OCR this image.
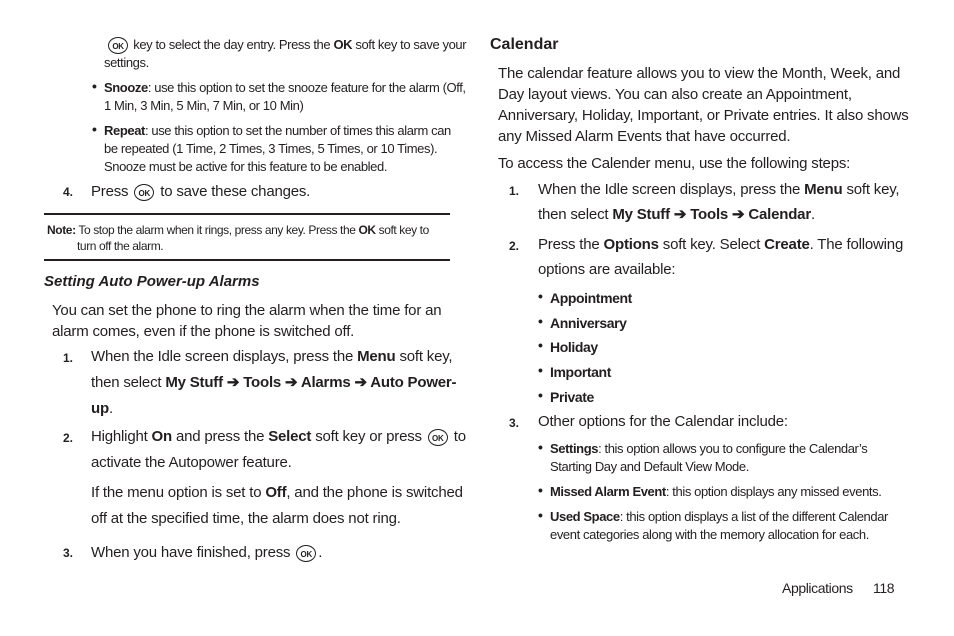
OK key to select the day entry. Press the OK soft key to save your
settings.
• Snooze: use this option to set the snooze feature for the alarm (Off,
1 Min, 3 Min, 5 Min, 7 Min, or 10 Min)
• Repeat: use this option to set the number of times this alarm can
be repeated (1 Time, 2 Times, 3 Times, 5 Times, or 10 Times).
Snooze must be active for this feature to be enabled.
4. Press OK to save these changes.
Note: To stop the alarm when it rings, press any key. Press the OK soft key to
turn off the alarm.
Setting Auto Power-up Alarms
You can set the phone to ring the alarm when the time for an
alarm comes, even if the phone is switched off.
1. When the Idle screen displays, press the Menu soft key,
then select My Stuff ➔ Tools ➔ Alarms ➔ Auto Power-
up.
2. Highlight On and press the Select soft key or press OK to
activate the Autopower feature.
If the menu option is set to Off, and the phone is switched
off at the specified time, the alarm does not ring.
3. When you have finished, press OK .
Calendar
The calendar feature allows you to view the Month, Week, and
Day layout views. You can also create an Appointment,
Anniversary, Holiday, Important, or Private entries. It also shows
any Missed Alarm Events that have occurred.
To access the Calender menu, use the following steps:
1. When the Idle screen displays, press the Menu soft key,
then select My Stuff ➔ Tools ➔ Calendar.
2. Press the Options soft key. Select Create. The following
options are available:
• Appointment
• Anniversary
• Holiday
• Important
• Private
3. Other options for the Calendar include:
• Settings: this option allows you to configure the Calendar’s
Starting Day and Default View Mode.
• Missed Alarm Event: this option displays any missed events.
• Used Space: this option displays a list of the different Calendar
event categories along with the memory allocation for each.
Applications 118
